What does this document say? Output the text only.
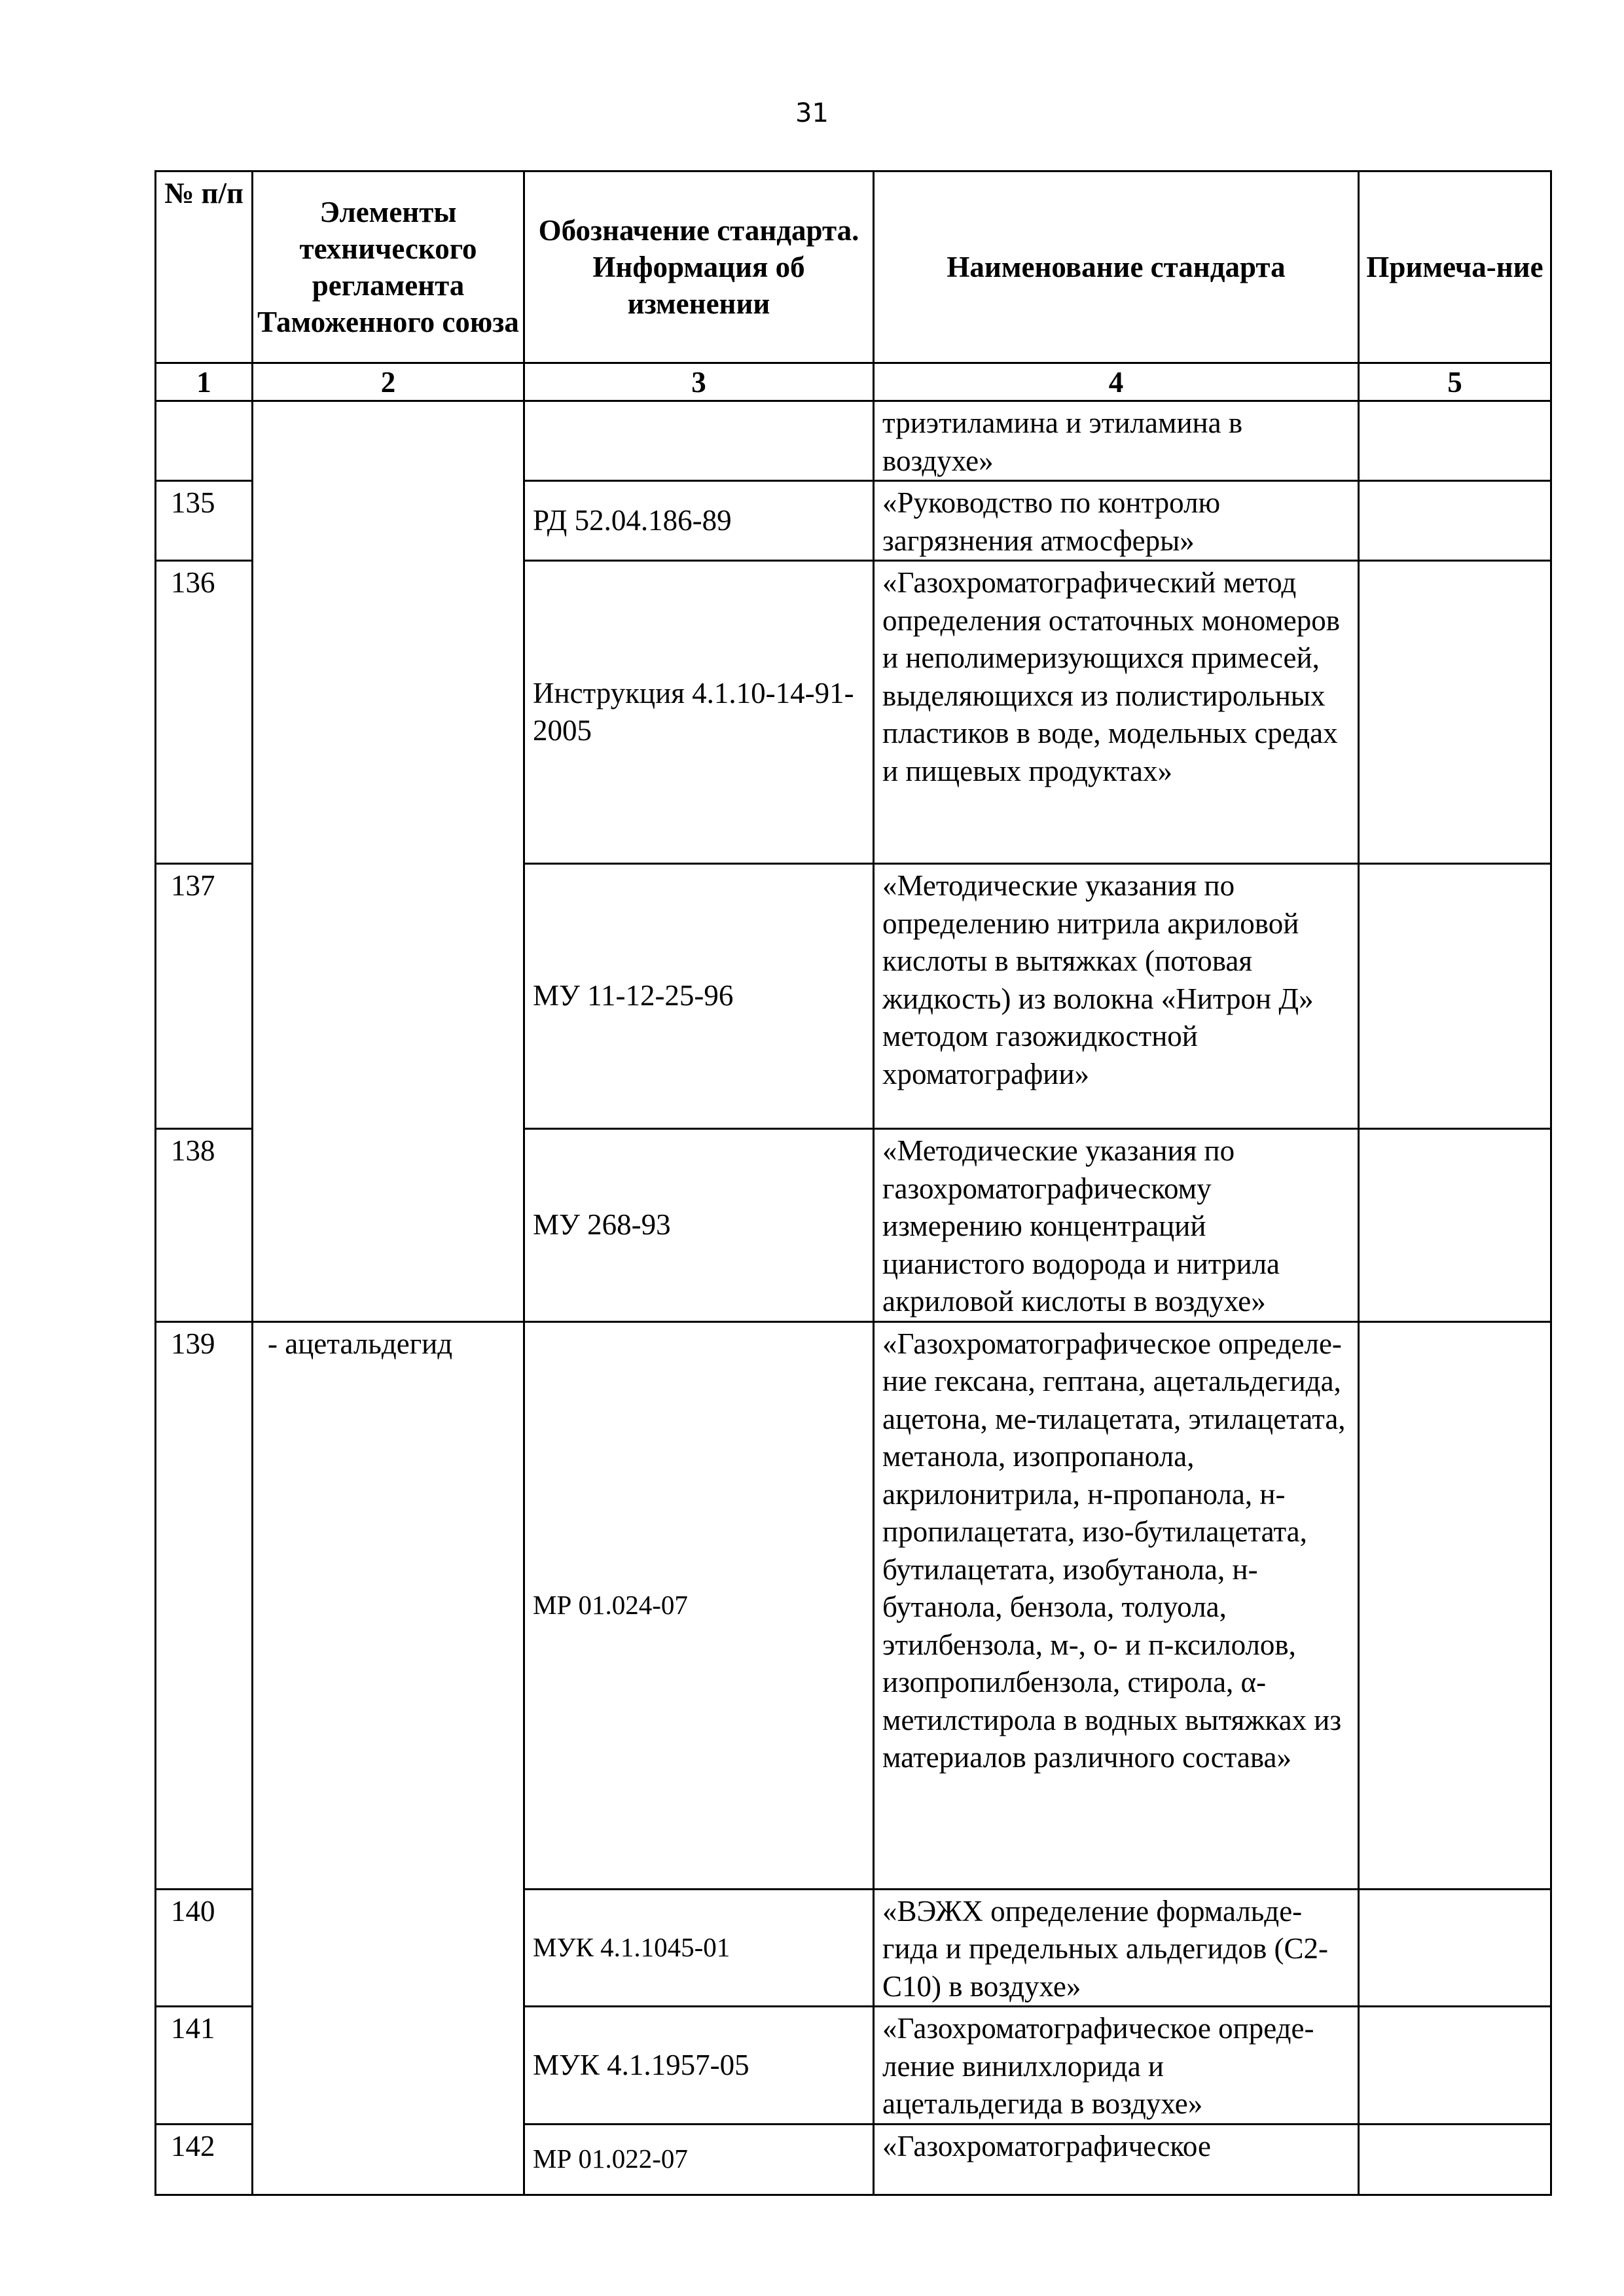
31
№ п/п	Элементы технического регламента Таможенного союза	Обозначение стандарта. Информация об изменении	Наименование стандарта	Примеча-ние
1	2	3	4	5
			триэтиламина и этиламина в воздухе»	
135		РД 52.04.186-89	«Руководство по контролю загрязнения атмосферы»	
136		Инструкция 4.1.10-14-91-2005	«Газохроматографический метод определения остаточных мономеров и неполимеризующихся примесей, выделяющихся из полистирольных пластиков в воде, модельных средах и пищевых продуктах»	
137		МУ 11-12-25-96	«Методические указания по определению нитрила акриловой кислоты в вытяжках (потовая жидкость) из волокна «Нитрон Д» методом газожидкостной хроматографии»	
138		МУ 268-93	«Методические указания по газохроматографическому измерению концентраций цианистого водорода и нитрила акриловой кислоты в воздухе»	
139	- ацетальдегид	МР 01.024-07	«Газохроматографическое определе-ние гексана, гептана, ацетальдегида, ацетона, ме-тилацетата, этилацетата, метанола, изопропанола, акрилонитрила, н-пропанола, н-пропилацетата, изо-бутилацетата, бутилацетата, изобутанола, н-бутанола, бензола, толуола, этилбензола, м-, о- и п-ксилолов, изопропилбензола, стирола, α-метилстирола в водных вытяжках из материалов различного состава»	
140		МУК 4.1.1045-01	«ВЭЖХ определение формальде-гида и предельных альдегидов (С2-С10) в воздухе»	
141		МУК 4.1.1957-05	«Газохроматографическое опреде-ление винилхлорида и ацетальдегида в воздухе»	
142		МР 01.022-07	«Газохроматографическое	
